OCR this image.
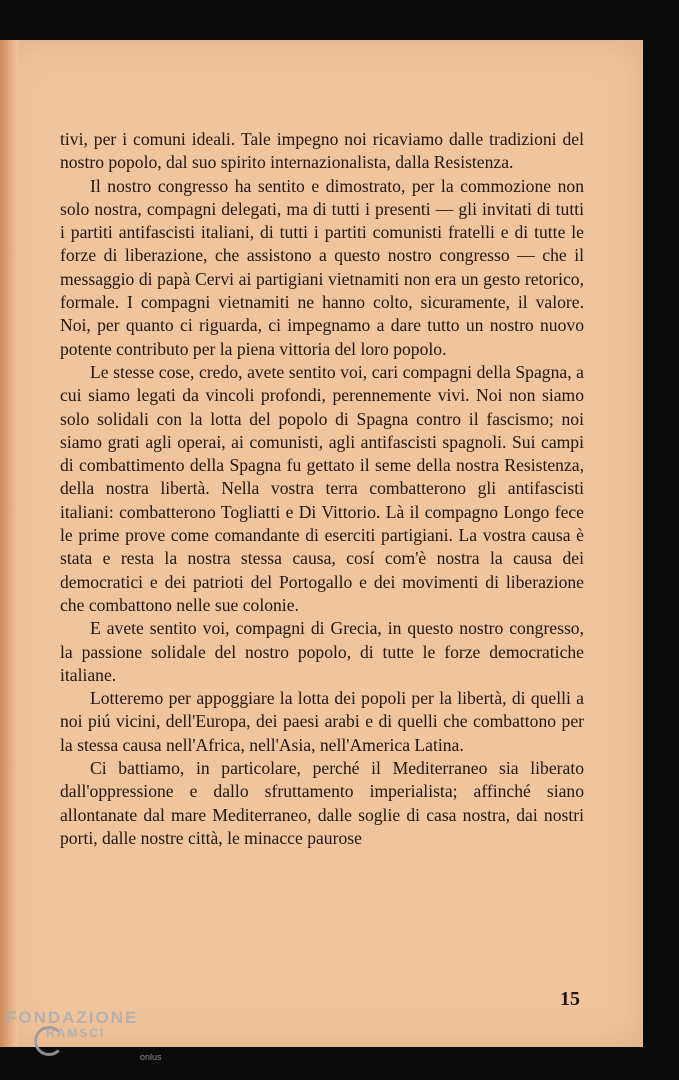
tivi, per i comuni ideali. Tale impegno noi ricaviamo dalle tradizioni del nostro popolo, dal suo spirito internazionalista, dalla Resistenza.

Il nostro congresso ha sentito e dimostrato, per la commozione non solo nostra, compagni delegati, ma di tutti i presenti — gli invitati di tutti i partiti antifascisti italiani, di tutti i partiti comunisti fratelli e di tutte le forze di liberazione, che assistono a questo nostro congresso — che il messaggio di papà Cervi ai partigiani vietnamiti non era un gesto retorico, formale. I compagni vietnamiti ne hanno colto, sicuramente, il valore. Noi, per quanto ci riguarda, ci impegnamo a dare tutto un nostro nuovo potente contributo per la piena vittoria del loro popolo.

Le stesse cose, credo, avete sentito voi, cari compagni della Spagna, a cui siamo legati da vincoli profondi, perennemente vivi. Noi non siamo solo solidali con la lotta del popolo di Spagna contro il fascismo; noi siamo grati agli operai, ai comunisti, agli antifascisti spagnoli. Sui campi di combattimento della Spagna fu gettato il seme della nostra Resistenza, della nostra libertà. Nella vostra terra combatterono gli antifascisti italiani: combatterono Togliatti e Di Vittorio. Là il compagno Longo fece le prime prove come comandante di eserciti partigiani. La vostra causa è stata e resta la nostra stessa causa, cosí com'è nostra la causa dei democratici e dei patrioti del Portogallo e dei movimenti di liberazione che combattono nelle sue colonie.

E avete sentito voi, compagni di Grecia, in questo nostro congresso, la passione solidale del nostro popolo, di tutte le forze democratiche italiane.

Lotteremo per appoggiare la lotta dei popoli per la libertà, di quelli a noi piú vicini, dell'Europa, dei paesi arabi e di quelli che combattono per la stessa causa nell'Africa, nell'Asia, nell'America Latina.

Ci battiamo, in particolare, perché il Mediterraneo sia liberato dall'oppressione e dallo sfruttamento imperialista; affinché siano allontanate dal mare Mediterraneo, dalle soglie di casa nostra, dai nostri porti, dalle nostre città, le minacce paurose

15
FONDAZIONE
RAMSCI
onlus
